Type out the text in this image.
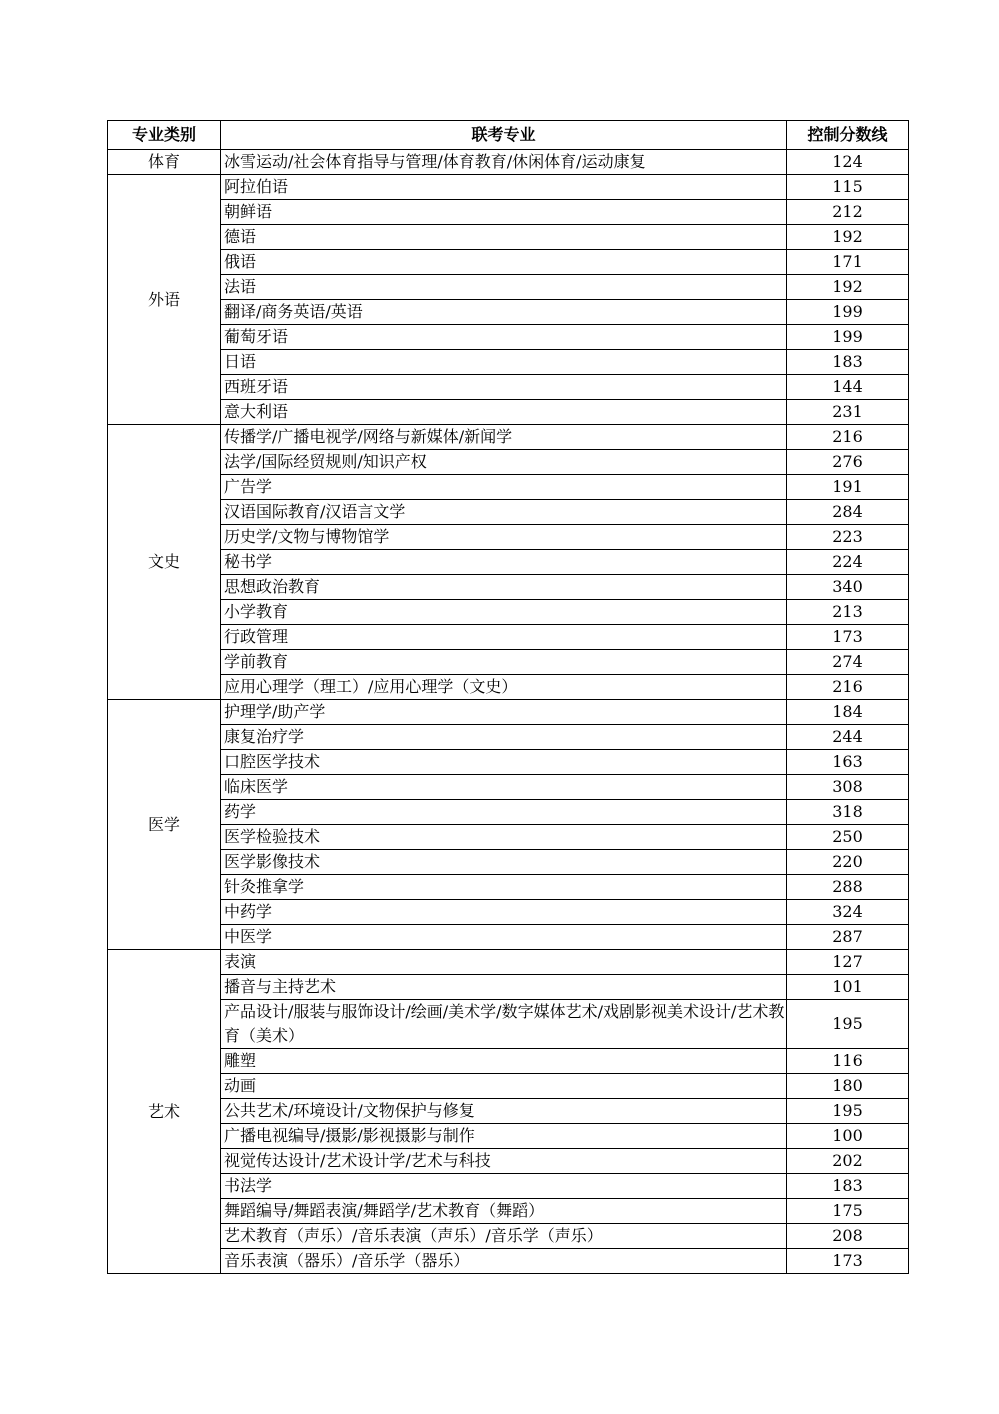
专业类别	联考专业	控制分数线
体育	冰雪运动/社会体育指导与管理/体育教育/休闲体育/运动康复	124
外语	阿拉伯语	115
	朝鲜语	212
	德语	192
	俄语	171
	法语	192
	翻译/商务英语/英语	199
	葡萄牙语	199
	日语	183
	西班牙语	144
	意大利语	231
文史	传播学/广播电视学/网络与新媒体/新闻学	216
	法学/国际经贸规则/知识产权	276
	广告学	191
	汉语国际教育/汉语言文学	284
	历史学/文物与博物馆学	223
	秘书学	224
	思想政治教育	340
	小学教育	213
	行政管理	173
	学前教育	274
	应用心理学（理工）/应用心理学（文史）	216
医学	护理学/助产学	184
	康复治疗学	244
	口腔医学技术	163
	临床医学	308
	药学	318
	医学检验技术	250
	医学影像技术	220
	针灸推拿学	288
	中药学	324
	中医学	287
艺术	表演	127
	播音与主持艺术	101
	产品设计/服装与服饰设计/绘画/美术学/数字媒体艺术/戏剧影视美术设计/艺术教育（美术）	195
	雕塑	116
	动画	180
	公共艺术/环境设计/文物保护与修复	195
	广播电视编导/摄影/影视摄影与制作	100
	视觉传达设计/艺术设计学/艺术与科技	202
	书法学	183
	舞蹈编导/舞蹈表演/舞蹈学/艺术教育（舞蹈）	175
	艺术教育（声乐）/音乐表演（声乐）/音乐学（声乐）	208
	音乐表演（器乐）/音乐学（器乐）	173
